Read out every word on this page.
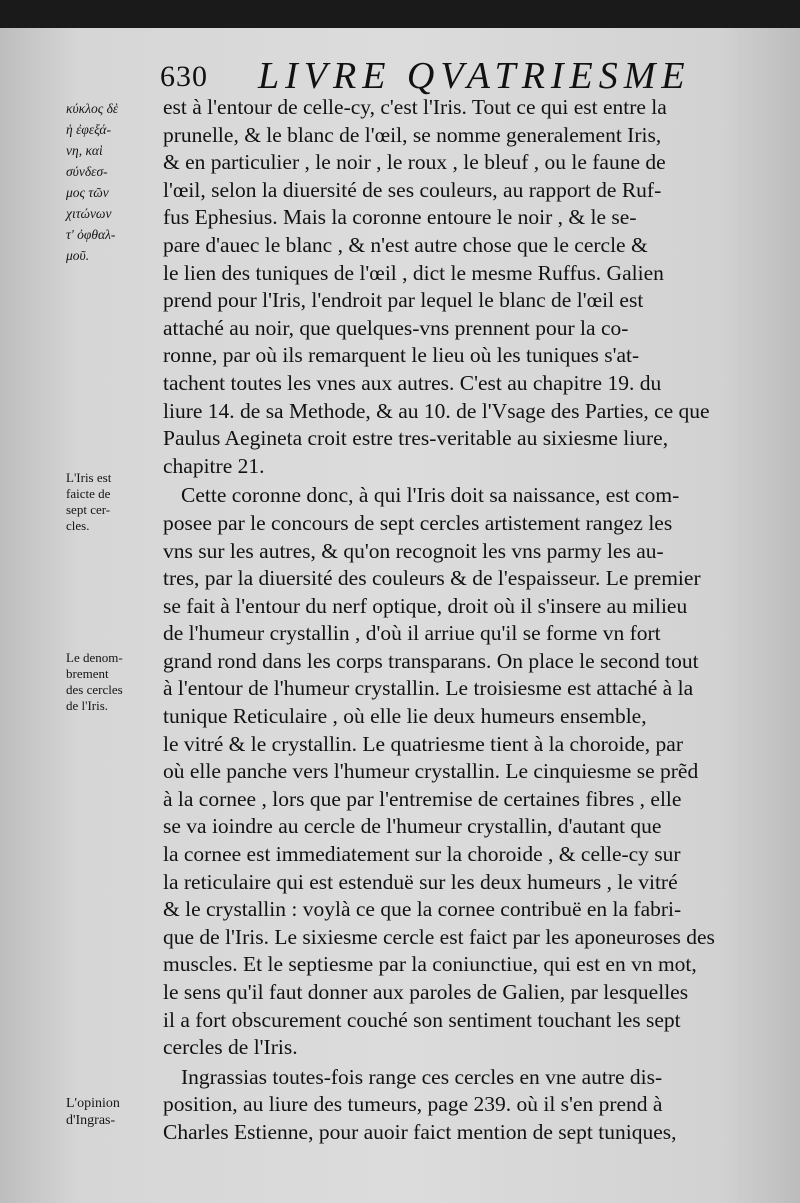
630 LIVRE QVATRIESME
κύκλος δὲ
ἡ ἐφεξά-
νη, καὶ
σύνδεσ-
μος τῶν
χιτώνων
τ' ὀφθαλ-
μοῦ.
L'Iris est
faicte de
sept cer-
cles.
Le denom-
brement
des cercles
de l'Iris.
L'opinion
d'Ingras-
est à l'entour de celle-cy, c'est l'Iris. Tout ce qui est entre la
prunelle, & le blanc de l'œil, se nomme generalement Iris,
& en particulier , le noir , le roux , le bleuf , ou le faune de
l'œil, selon la diuersité de ses couleurs, au rapport de Ruf-
fus Ephesius. Mais la coronne entoure le noir , & le se-
pare d'auec le blanc , & n'est autre chose que le cercle &
le lien des tuniques de l'œil , dict le mesme Ruffus. Galien
prend pour l'Iris, l'endroit par lequel le blanc de l'œil est
attaché au noir, que quelques-vns prennent pour la co-
ronne, par où ils remarquent le lieu où les tuniques s'at-
tachent toutes les vnes aux autres. C'est au chapitre 19. du
liure 14. de sa Methode, & au 10. de l'Vsage des Parties, ce que
Paulus Aegineta croit estre tres-veritable au sixiesme liure,
chapitre 21.
Cette coronne donc, à qui l'Iris doit sa naissance, est com-
posee par le concours de sept cercles artistement rangez les
vns sur les autres, & qu'on recognoit les vns parmy les au-
tres, par la diuersité des couleurs & de l'espaisseur. Le premier
se fait à l'entour du nerf optique, droit où il s'insere au milieu
de l'humeur crystallin , d'où il arriue qu'il se forme vn fort
grand rond dans les corps transparans. On place le second tout
à l'entour de l'humeur crystallin. Le troisiesme est attaché à la
tunique Reticulaire , où elle lie deux humeurs ensemble,
le vitré & le crystallin. Le quatriesme tient à la choroide, par
où elle panche vers l'humeur crystallin. Le cinquiesme se prẽd
à la cornee , lors que par l'entremise de certaines fibres , elle
se va ioindre au cercle de l'humeur crystallin, d'autant que
la cornee est immediatement sur la choroide , & celle-cy sur
la reticulaire qui est estenduë sur les deux humeurs , le vitré
& le crystallin : voylà ce que la cornee contribuë en la fabri-
que de l'Iris. Le sixiesme cercle est faict par les aponeuroses des
muscles. Et le septiesme par la coniunctiue, qui est en vn mot,
le sens qu'il faut donner aux paroles de Galien, par lesquelles
il a fort obscurement couché son sentiment touchant les sept
cercles de l'Iris.
Ingrassias toutes-fois range ces cercles en vne autre dis-
position, au liure des tumeurs, page 239. où il s'en prend à
Charles Estienne, pour auoir faict mention de sept tuniques,
